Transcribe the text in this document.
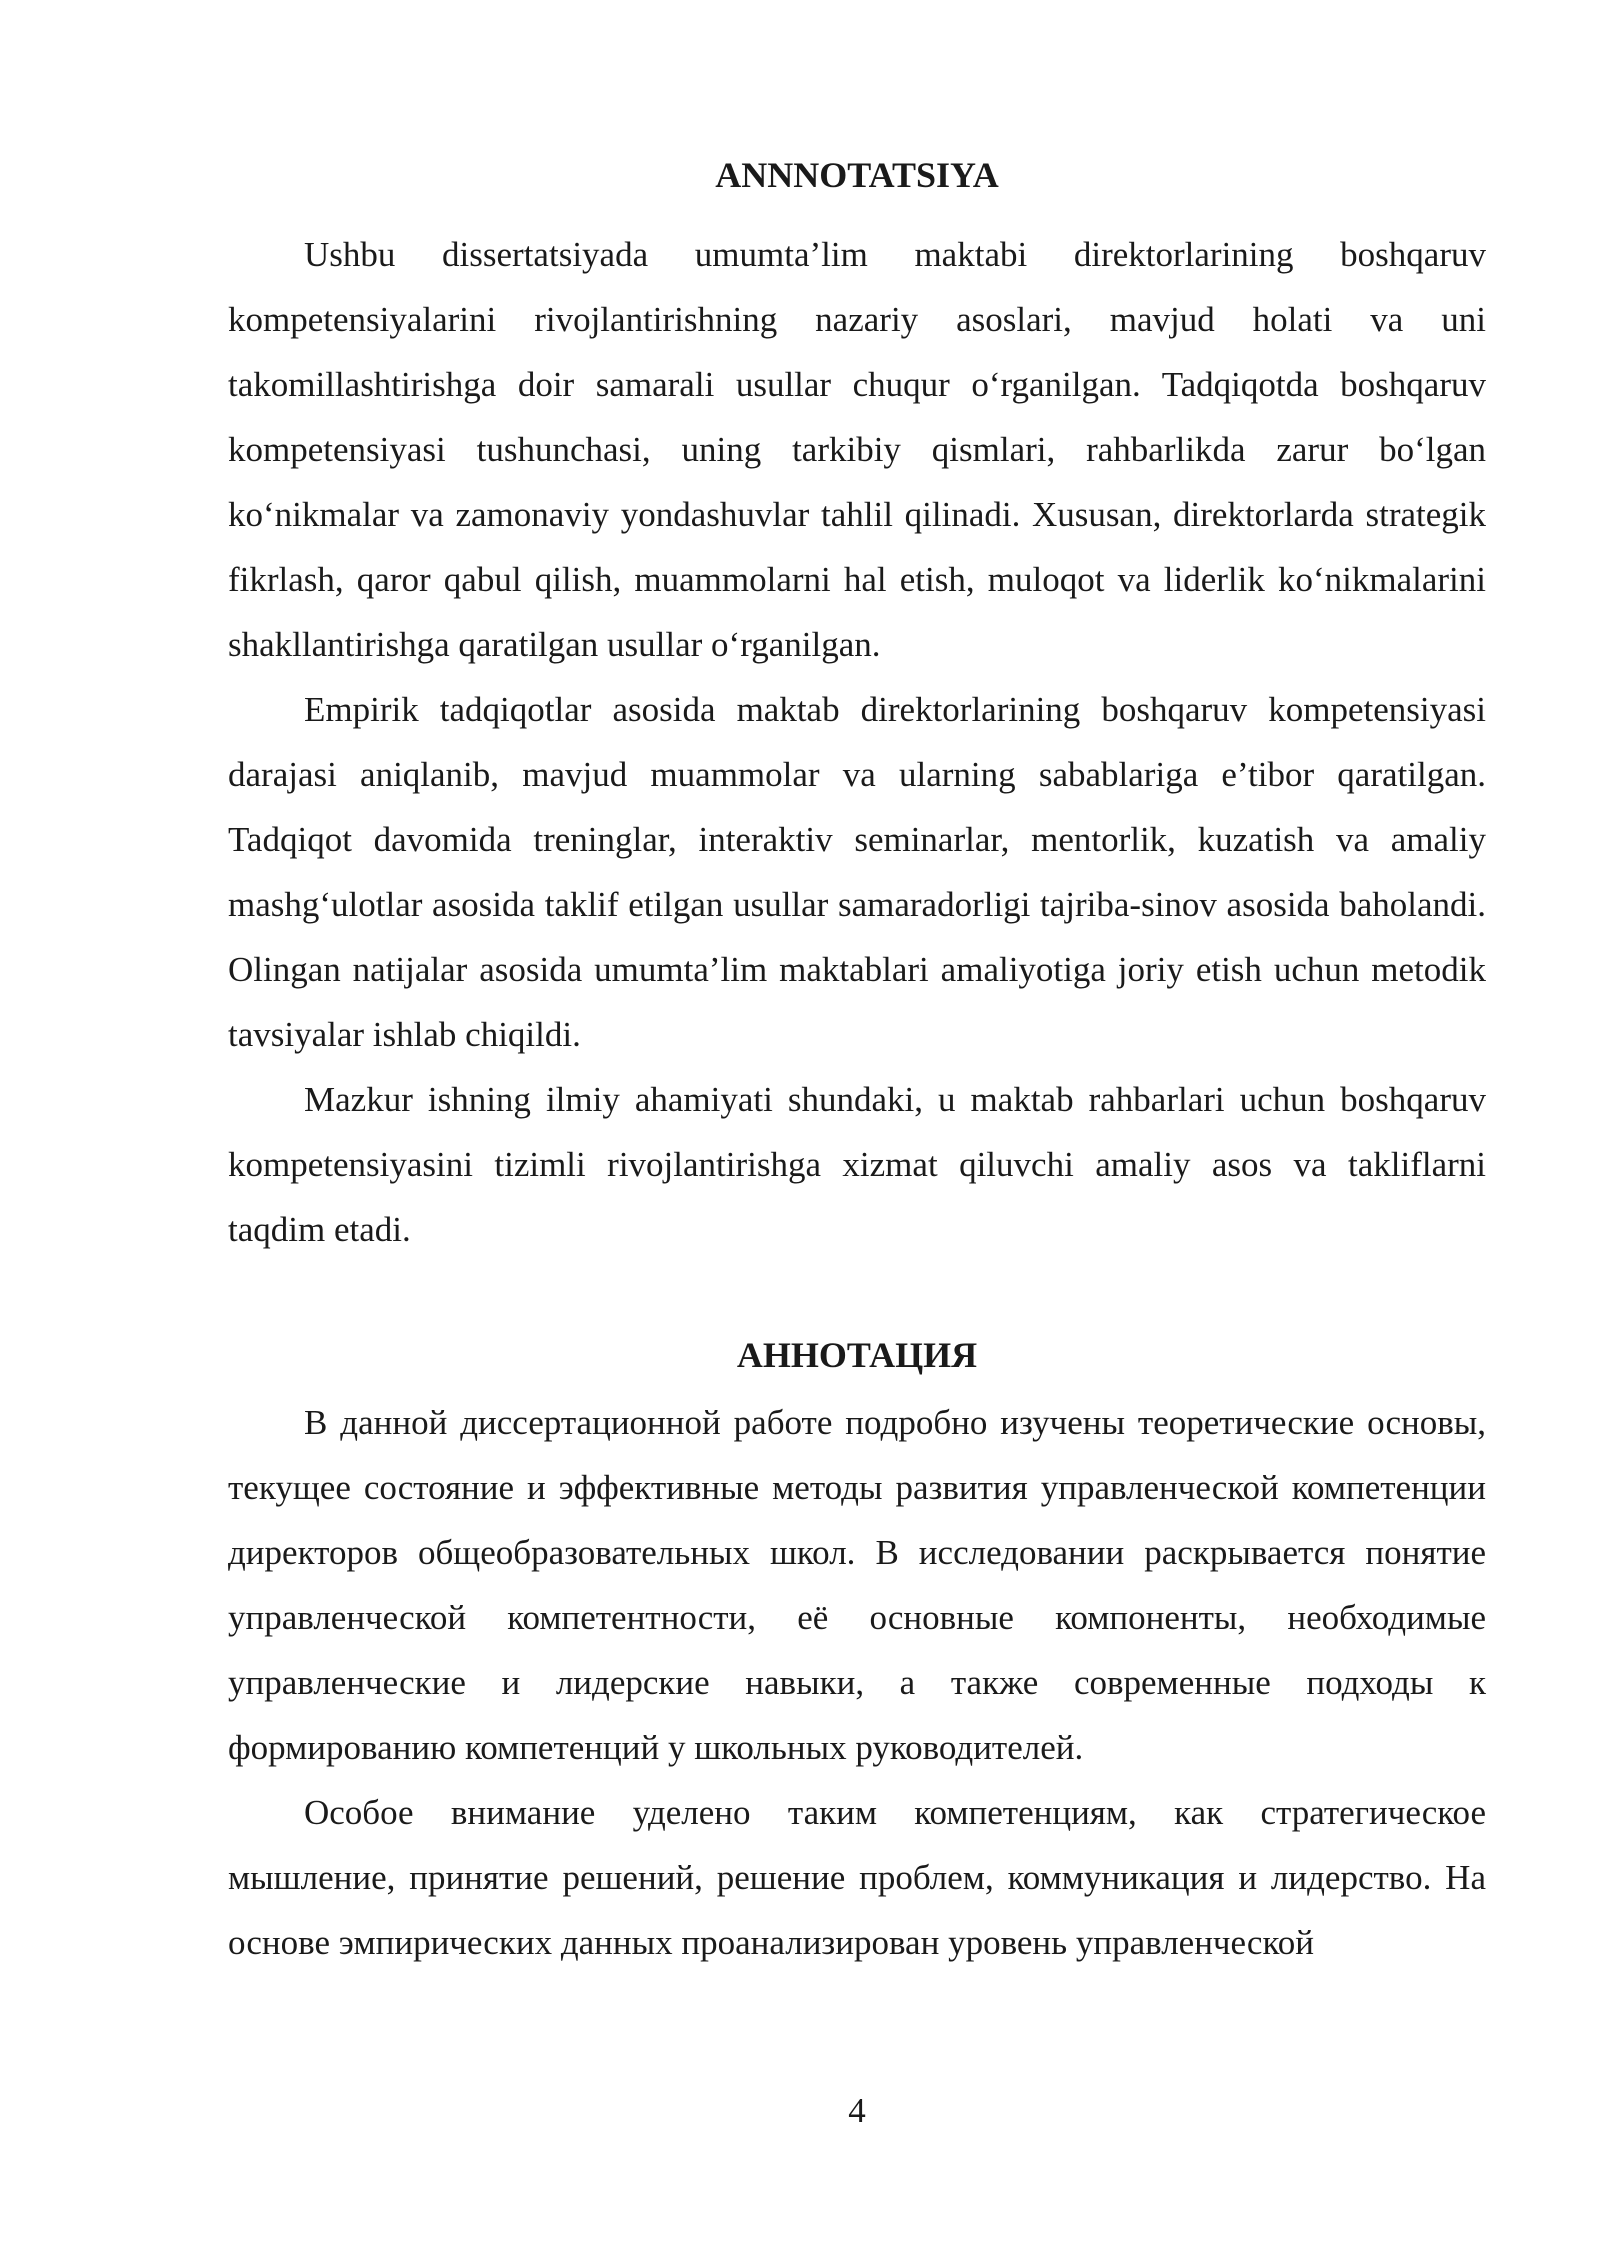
ANNNOTATSIYA

Ushbu dissertatsiyada umumta’lim maktabi direktorlarining boshqaruv kompetensiyalarini rivojlantirishning nazariy asoslari, mavjud holati va uni takomillashtirishga doir samarali usullar chuqur o‘rganilgan. Tadqiqotda boshqaruv kompetensiyasi tushunchasi, uning tarkibiy qismlari, rahbarlikda zarur bo‘lgan ko‘nikmalar va zamonaviy yondashuvlar tahlil qilinadi. Xususan, direktorlarda strategik fikrlash, qaror qabul qilish, muammolarni hal etish, muloqot va liderlik ko‘nikmalarini shakllantirishga qaratilgan usullar o‘rganilgan.

Empirik tadqiqotlar asosida maktab direktorlarining boshqaruv kompetensiyasi darajasi aniqlanib, mavjud muammolar va ularning sabablariga e’tibor qaratilgan. Tadqiqot davomida treninglar, interaktiv seminarlar, mentorlik, kuzatish va amaliy mashg‘ulotlar asosida taklif etilgan usullar samaradorligi tajriba-sinov asosida baholandi. Olingan natijalar asosida umumta’lim maktablari amaliyotiga joriy etish uchun metodik tavsiyalar ishlab chiqildi.

Mazkur ishning ilmiy ahamiyati shundaki, u maktab rahbarlari uchun boshqaruv kompetensiyasini tizimli rivojlantirishga xizmat qiluvchi amaliy asos va takliflarni taqdim etadi.

АННОТАЦИЯ

В данной диссертационной работе подробно изучены теоретические основы, текущее состояние и эффективные методы развития управленческой компетенции директоров общеобразовательных школ. В исследовании раскрывается понятие управленческой компетентности, её основные компоненты, необходимые управленческие и лидерские навыки, а также современные подходы к формированию компетенций у школьных руководителей.

Особое внимание уделено таким компетенциям, как стратегическое мышление, принятие решений, решение проблем, коммуникация и лидерство. На основе эмпирических данных проанализирован уровень управленческой

4
